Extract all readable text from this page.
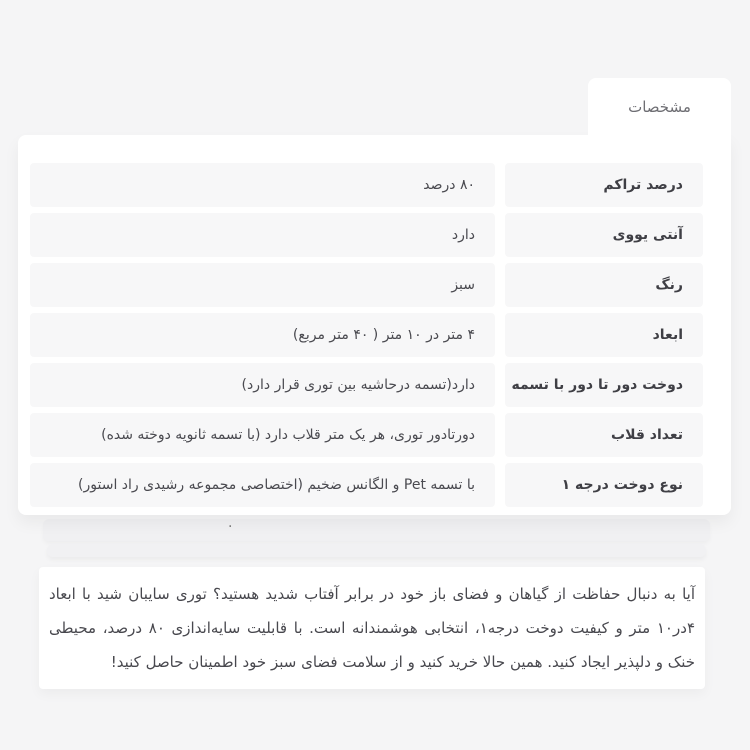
مشخصات
درصد تراکم
۸۰ درصد
آنتی یووی
دارد
رنگ
سبز
ابعاد
۴ متر در ۱۰ متر ( ۴۰ متر مربع)
دوخت دور تا دور با تسمه
دارد(تسمه درحاشیه بین توری قرار دارد)
تعداد قلاب
دورتادور توری، هر یک متر قلاب دارد (با تسمه ثانویه دوخته شده)
نوع دوخت درجه ۱
با تسمه Pet و الگانس ضخیم (اختصاصی مجموعه رشیدی راد استور)
.
آیا به دنبال حفاظت از گیاهان و فضای باز خود در برابر آفتاب شدید هستید؟ توری سایبان شید با ابعاد ۴در۱۰ متر و کیفیت دوخت درجه۱، انتخابی هوشمندانه است. با قابلیت سایه‌اندازی ۸۰ درصد، محیطی خنک و دلپذیر ایجاد کنید. همین حالا خرید کنید و از سلامت فضای سبز خود اطمینان حاصل کنید!
